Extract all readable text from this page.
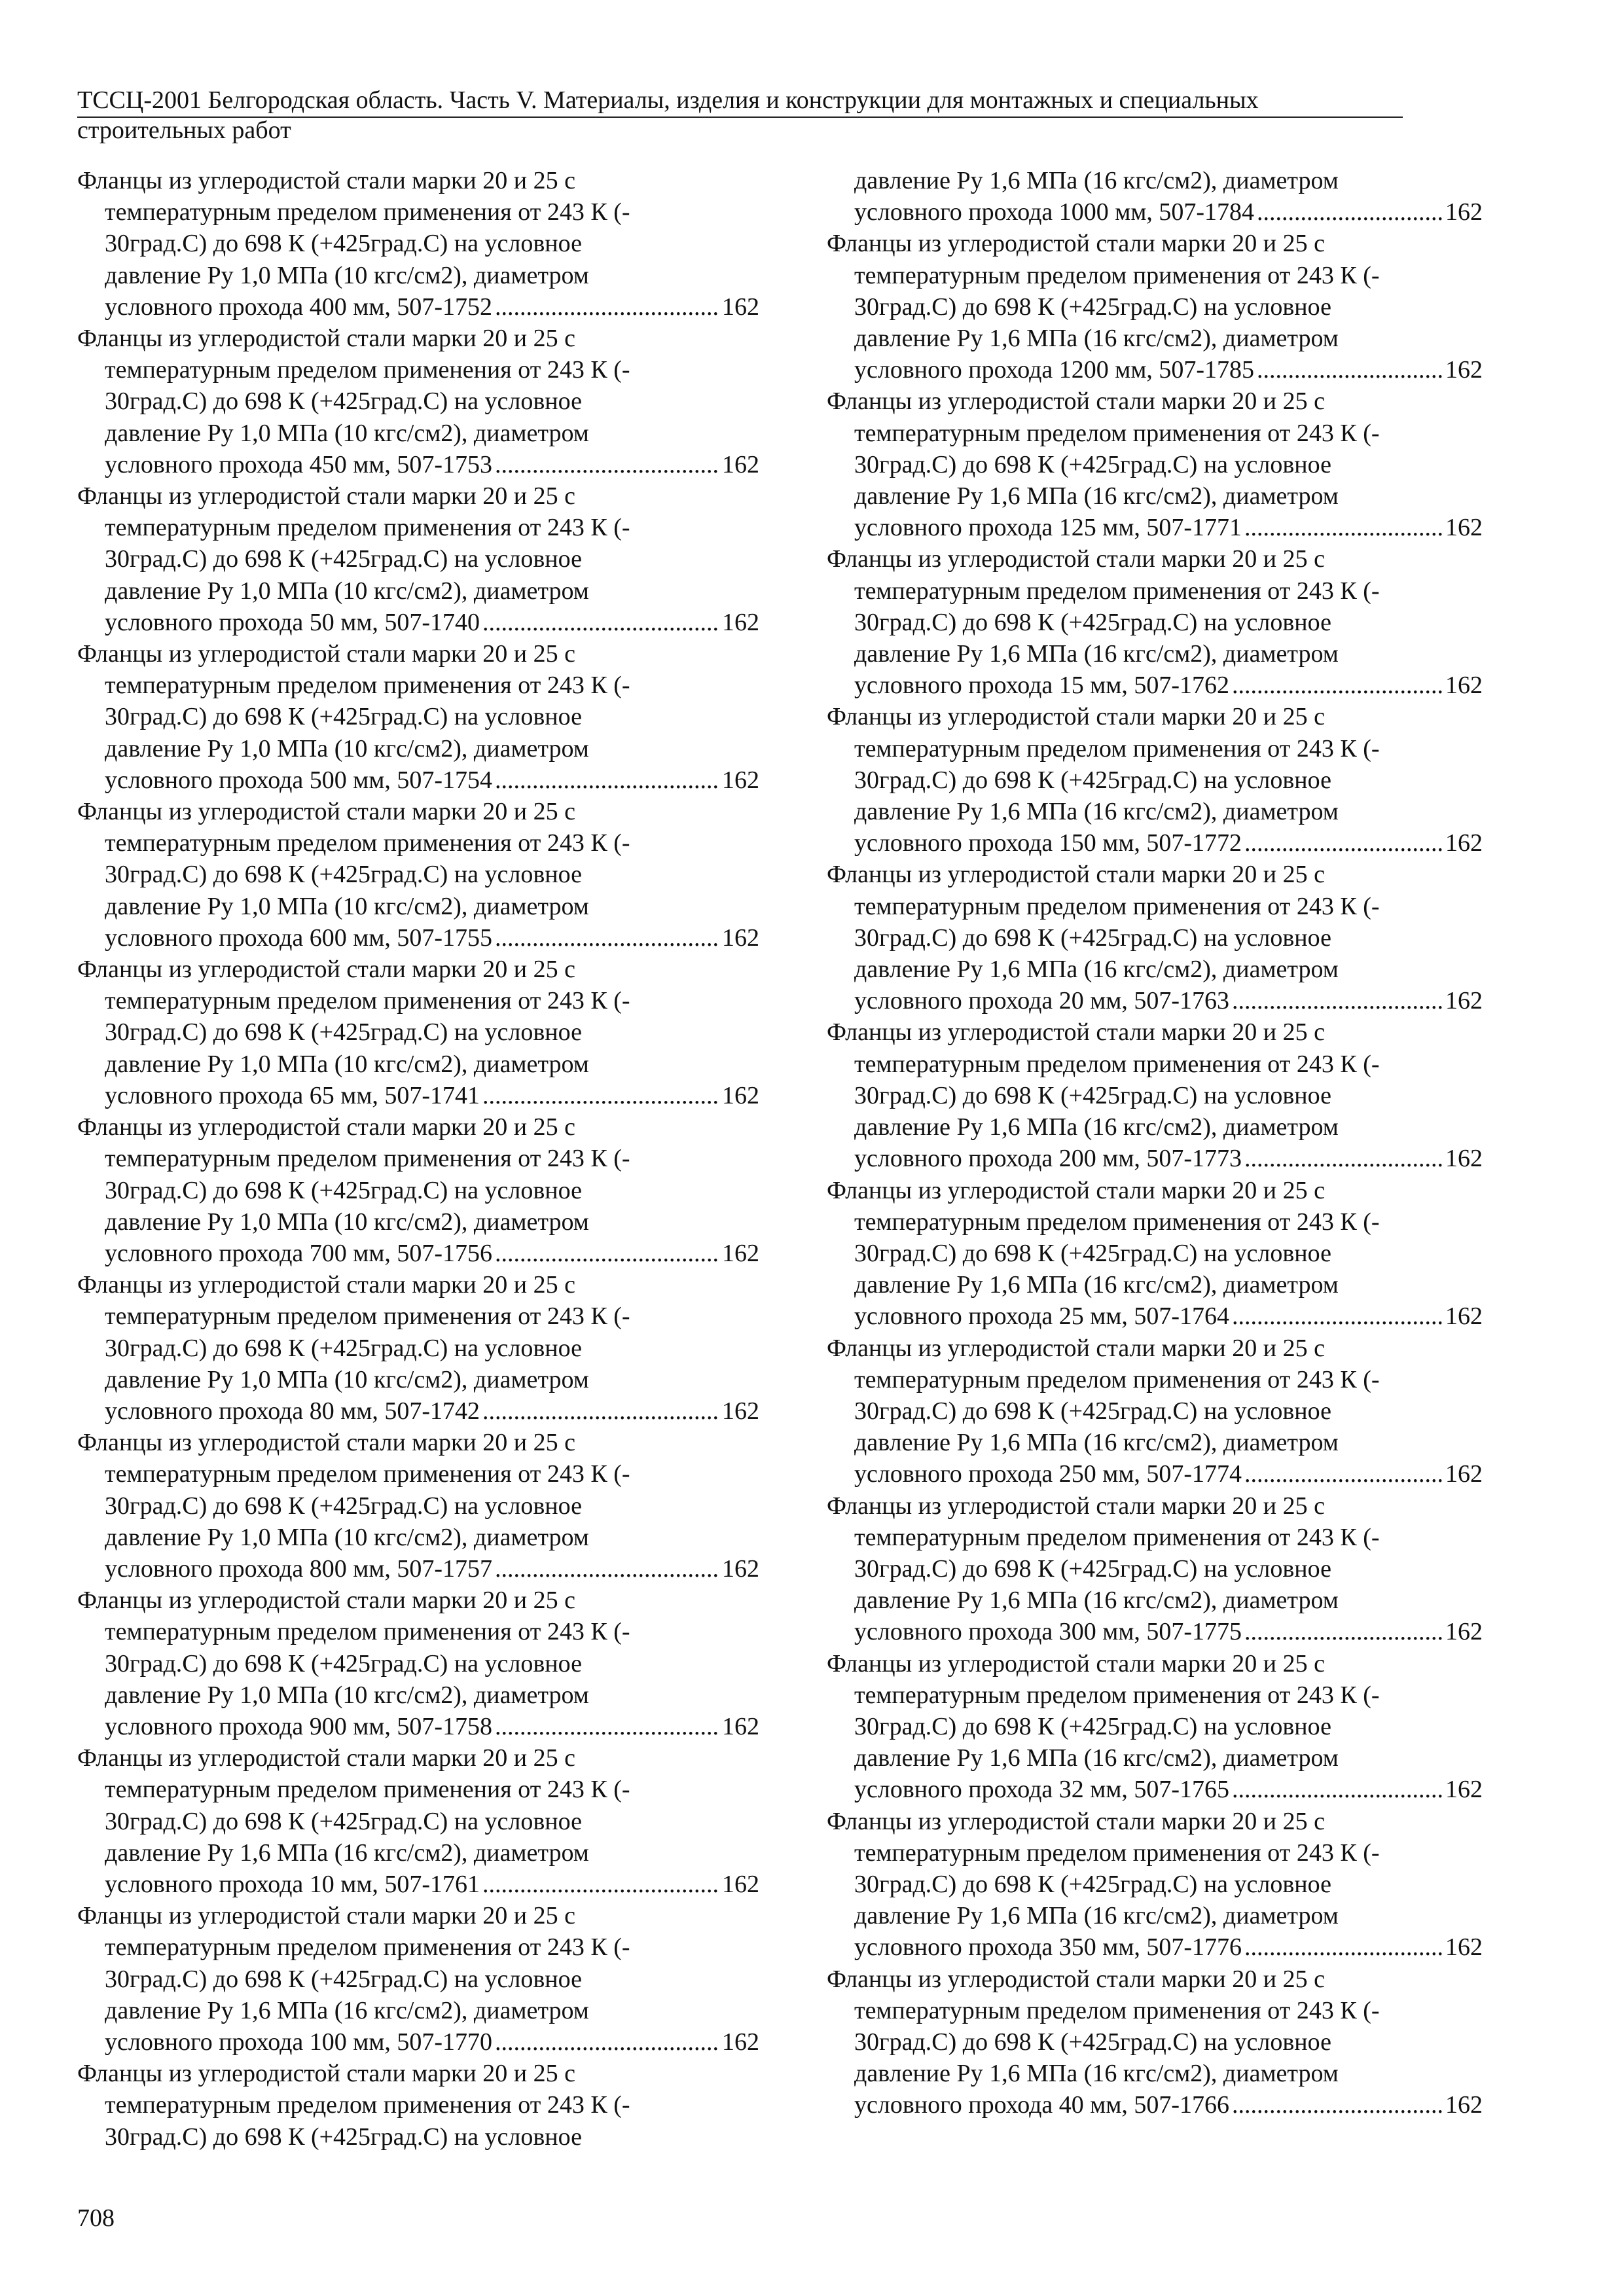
ТССЦ-2001 Белгородская область. Часть V. Материалы, изделия и конструкции для монтажных и специальных
строительных работ
Фланцы из углеродистой стали марки 20 и 25 с
температурным пределом применения от 243 К (-
30град.С) до 698 К (+425град.С) на условное
давление Ру 1,0 МПа (10 кгс/см2), диаметром
условного прохода 400 мм, 507-1752 .....	162
Фланцы из углеродистой стали марки 20 и 25 с
температурным пределом применения от 243 К (-
30град.С) до 698 К (+425град.С) на условное
давление Ру 1,0 МПа (10 кгс/см2), диаметром
условного прохода 450 мм, 507-1753 .....	162
Фланцы из углеродистой стали марки 20 и 25 с
температурным пределом применения от 243 К (-
30град.С) до 698 К (+425град.С) на условное
давление Ру 1,0 МПа (10 кгс/см2), диаметром
условного прохода 50 мм, 507-1740 .....	162
Фланцы из углеродистой стали марки 20 и 25 с
температурным пределом применения от 243 К (-
30град.С) до 698 К (+425град.С) на условное
давление Ру 1,0 МПа (10 кгс/см2), диаметром
условного прохода 500 мм, 507-1754 .....	162
Фланцы из углеродистой стали марки 20 и 25 с
температурным пределом применения от 243 К (-
30град.С) до 698 К (+425град.С) на условное
давление Ру 1,0 МПа (10 кгс/см2), диаметром
условного прохода 600 мм, 507-1755 .....	162
Фланцы из углеродистой стали марки 20 и 25 с
температурным пределом применения от 243 К (-
30град.С) до 698 К (+425град.С) на условное
давление Ру 1,0 МПа (10 кгс/см2), диаметром
условного прохода 65 мм, 507-1741 .....	162
Фланцы из углеродистой стали марки 20 и 25 с
температурным пределом применения от 243 К (-
30град.С) до 698 К (+425град.С) на условное
давление Ру 1,0 МПа (10 кгс/см2), диаметром
условного прохода 700 мм, 507-1756 .....	162
Фланцы из углеродистой стали марки 20 и 25 с
температурным пределом применения от 243 К (-
30град.С) до 698 К (+425град.С) на условное
давление Ру 1,0 МПа (10 кгс/см2), диаметром
условного прохода 80 мм, 507-1742 .....	162
Фланцы из углеродистой стали марки 20 и 25 с
температурным пределом применения от 243 К (-
30град.С) до 698 К (+425град.С) на условное
давление Ру 1,0 МПа (10 кгс/см2), диаметром
условного прохода 800 мм, 507-1757 .....	162
Фланцы из углеродистой стали марки 20 и 25 с
температурным пределом применения от 243 К (-
30град.С) до 698 К (+425град.С) на условное
давление Ру 1,0 МПа (10 кгс/см2), диаметром
условного прохода 900 мм, 507-1758 .....	162
Фланцы из углеродистой стали марки 20 и 25 с
температурным пределом применения от 243 К (-
30град.С) до 698 К (+425град.С) на условное
давление Ру 1,6 МПа (16 кгс/см2), диаметром
условного прохода 10 мм, 507-1761 .....	162
Фланцы из углеродистой стали марки 20 и 25 с
температурным пределом применения от 243 К (-
30град.С) до 698 К (+425град.С) на условное
давление Ру 1,6 МПа (16 кгс/см2), диаметром
условного прохода 100 мм, 507-1770 .....	162
Фланцы из углеродистой стали марки 20 и 25 с
температурным пределом применения от 243 К (-
30град.С) до 698 К (+425град.С) на условное
давление Ру 1,6 МПа (16 кгс/см2), диаметром
условного прохода 1000 мм, 507-1784 .....	162
Фланцы из углеродистой стали марки 20 и 25 с
температурным пределом применения от 243 К (-
30град.С) до 698 К (+425град.С) на условное
давление Ру 1,6 МПа (16 кгс/см2), диаметром
условного прохода 1200 мм, 507-1785 .....	162
Фланцы из углеродистой стали марки 20 и 25 с
температурным пределом применения от 243 К (-
30град.С) до 698 К (+425град.С) на условное
давление Ру 1,6 МПа (16 кгс/см2), диаметром
условного прохода 125 мм, 507-1771 .....	162
Фланцы из углеродистой стали марки 20 и 25 с
температурным пределом применения от 243 К (-
30град.С) до 698 К (+425град.С) на условное
давление Ру 1,6 МПа (16 кгс/см2), диаметром
условного прохода 15 мм, 507-1762 .....	162
Фланцы из углеродистой стали марки 20 и 25 с
температурным пределом применения от 243 К (-
30град.С) до 698 К (+425град.С) на условное
давление Ру 1,6 МПа (16 кгс/см2), диаметром
условного прохода 150 мм, 507-1772 .....	162
Фланцы из углеродистой стали марки 20 и 25 с
температурным пределом применения от 243 К (-
30град.С) до 698 К (+425град.С) на условное
давление Ру 1,6 МПа (16 кгс/см2), диаметром
условного прохода 20 мм, 507-1763 .....	162
Фланцы из углеродистой стали марки 20 и 25 с
температурным пределом применения от 243 К (-
30град.С) до 698 К (+425град.С) на условное
давление Ру 1,6 МПа (16 кгс/см2), диаметром
условного прохода 200 мм, 507-1773 .....	162
Фланцы из углеродистой стали марки 20 и 25 с
температурным пределом применения от 243 К (-
30град.С) до 698 К (+425град.С) на условное
давление Ру 1,6 МПа (16 кгс/см2), диаметром
условного прохода 25 мм, 507-1764 .....	162
Фланцы из углеродистой стали марки 20 и 25 с
температурным пределом применения от 243 К (-
30град.С) до 698 К (+425град.С) на условное
давление Ру 1,6 МПа (16 кгс/см2), диаметром
условного прохода 250 мм, 507-1774 .....	162
Фланцы из углеродистой стали марки 20 и 25 с
температурным пределом применения от 243 К (-
30град.С) до 698 К (+425град.С) на условное
давление Ру 1,6 МПа (16 кгс/см2), диаметром
условного прохода 300 мм, 507-1775 .....	162
Фланцы из углеродистой стали марки 20 и 25 с
температурным пределом применения от 243 К (-
30град.С) до 698 К (+425град.С) на условное
давление Ру 1,6 МПа (16 кгс/см2), диаметром
условного прохода 32 мм, 507-1765 .....	162
Фланцы из углеродистой стали марки 20 и 25 с
температурным пределом применения от 243 К (-
30град.С) до 698 К (+425град.С) на условное
давление Ру 1,6 МПа (16 кгс/см2), диаметром
условного прохода 350 мм, 507-1776 .....	162
Фланцы из углеродистой стали марки 20 и 25 с
температурным пределом применения от 243 К (-
30град.С) до 698 К (+425град.С) на условное
давление Ру 1,6 МПа (16 кгс/см2), диаметром
условного прохода 40 мм, 507-1766 .....	162
708
